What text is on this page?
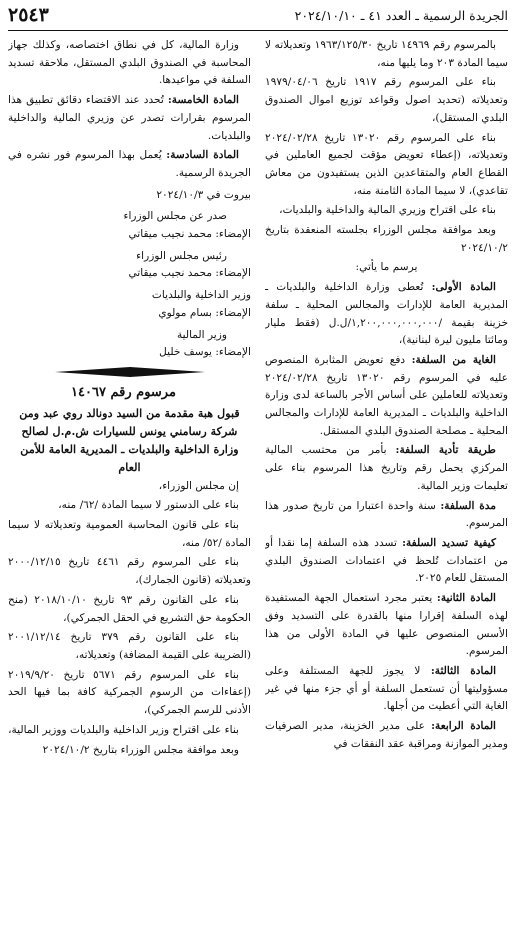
الجريدة الرسمية ـ العدد ٤١ ـ ٢٠٢٤/١٠/١٠
٢٥٤٣

بالمرسوم رقم ١٤٩٦٩ تاريخ ١٩٦٣/١٢٥/٣٠ وتعديلاته لا سيما المادة ٢٠٣ وما يليها منه،

بناء على المرسوم رقم ١٩١٧ تاريخ ١٩٧٩/٠٤/٠٦ وتعديلاته (تحديد اصول وقواعد توزيع اموال الصندوق البلدي المستقل)،

بناء على المرسوم رقم ١٣٠٢٠ تاريخ ٢٠٢٤/٠٢/٢٨ وتعديلاته، (إعطاء تعويض مؤقت لجميع العاملين في القطاع العام والمتقاعدين الذين يستفيدون من معاش تقاعدي)، لا سيما المادة الثامنة منه،

بناء على اقتراح وزيري المالية والداخلية والبلديات،

وبعد موافقة مجلس الوزراء بجلسته المنعقدة بتاريخ ٢٠٢٤/١٠/٢

يرسم ما يأتي:

المادة الأولى: تُعطى وزارة الداخلية والبلديات ـ المديرية العامة للإدارات والمجالس المحلية ـ سلفة خزينة بقيمة /١,٢٠٠,٠٠٠,٠٠٠,٠٠٠/ل.ل (فقط مليار ومائتا مليون ليرة لبنانية)،

الغاية من السلفة: دفع تعويض المثابرة المنصوص عليه في المرسوم رقم ١٣٠٢٠ تاريخ ٢٠٢٤/٠٢/٢٨ وتعديلاته للعاملين على أساس الأجر بالساعة لدى وزارة الداخلية والبلديات ـ المديرية العامة للإدارات والمجالس المحلية ـ مصلحة الصندوق البلدي المستقل.

طريقة تأدية السلفة: بأمر من محتسب المالية المركزي يحمل رقم وتاريخ هذا المرسوم بناء على تعليمات وزير المالية.

مدة السلفة: سنة واحدة اعتبارا من تاريخ صدور هذا المرسوم.

كيفية تسديد السلفة: تسدد هذه السلفة إما نقدا أو من اعتمادات تُلحظ في اعتمادات الصندوق البلدي المستقل للعام ٢٠٢٥.

المادة الثانية: يعتبر مجرد استعمال الجهة المستفيدة لهذه السلفة إقرارا منها بالقدرة على التسديد وفق الأسس المنصوص عليها في المادة الأولى من هذا المرسوم.

المادة الثالثة: لا يجوز للجهة المستلفة وعلى مسؤوليتها أن تستعمل السلفة أو أي جزء منها في غير الغاية التي أعطيت من أجلها.

المادة الرابعة: على مدير الخزينة، مدير الصرفيات ومدير الموازنة ومراقبة عقد النفقات في

وزارة المالية، كل في نطاق اختصاصه، وكذلك جهاز المحاسبة في الصندوق البلدي المستقل، ملاحقة تسديد السلفة في مواعيدها.

المادة الخامسة: تُحدد عند الاقتضاء دقائق تطبيق هذا المرسوم بقرارات تصدر عن وزيري المالية والداخلية والبلديات.

المادة السادسة: يُعمل بهذا المرسوم فور نشره في الجريدة الرسمية.

بيروت في ٢٠٢٤/١٠/٣

صدر عن مجلس الوزراء

الإمضاء: محمد نجيب ميقاتي

رئيس مجلس الوزراء

الإمضاء: محمد نجيب ميقاتي

وزير الداخلية والبلديات

الإمضاء: بسام مولوي

وزير المالية

الإمضاء: يوسف خليل

مرسوم رقم ١٤٠٦٧

قبول هبة مقدمة من السيد دونالد روي عبد ومن شركة رسامني يونس للسيارات ش.م.ل لصالح وزارة الداخلية والبلديات ـ المديرية العامة للأمن العام

إن مجلس الوزراء،

بناء على الدستور لا سيما المادة /٦٢/ منه،

بناء على قانون المحاسبة العمومية وتعديلاته لا سيما المادة /٥٢/ منه،

بناء على المرسوم رقم ٤٤٦١ تاريخ ٢٠٠٠/١٢/١٥ وتعديلاته (قانون الجمارك)،

بناء على القانون رقم ٩٣ تاريخ ٢٠١٨/١٠/١٠ (منح الحكومة حق التشريع في الحقل الجمركي)،

بناء على القانون رقم ٣٧٩ تاريخ ٢٠٠١/١٢/١٤ (الضريبة على القيمة المضافة) وتعديلاته،

بناء على المرسوم رقم ٥٦٧١ تاريخ ٢٠١٩/٩/٢٠ (إعفاءات من الرسوم الجمركية كافة بما فيها الحد الأدنى للرسم الجمركي)،

بناء على اقتراح وزير الداخلية والبلديات ووزير المالية،

وبعد موافقة مجلس الوزراء بتاريخ ٢٠٢٤/١٠/٢
